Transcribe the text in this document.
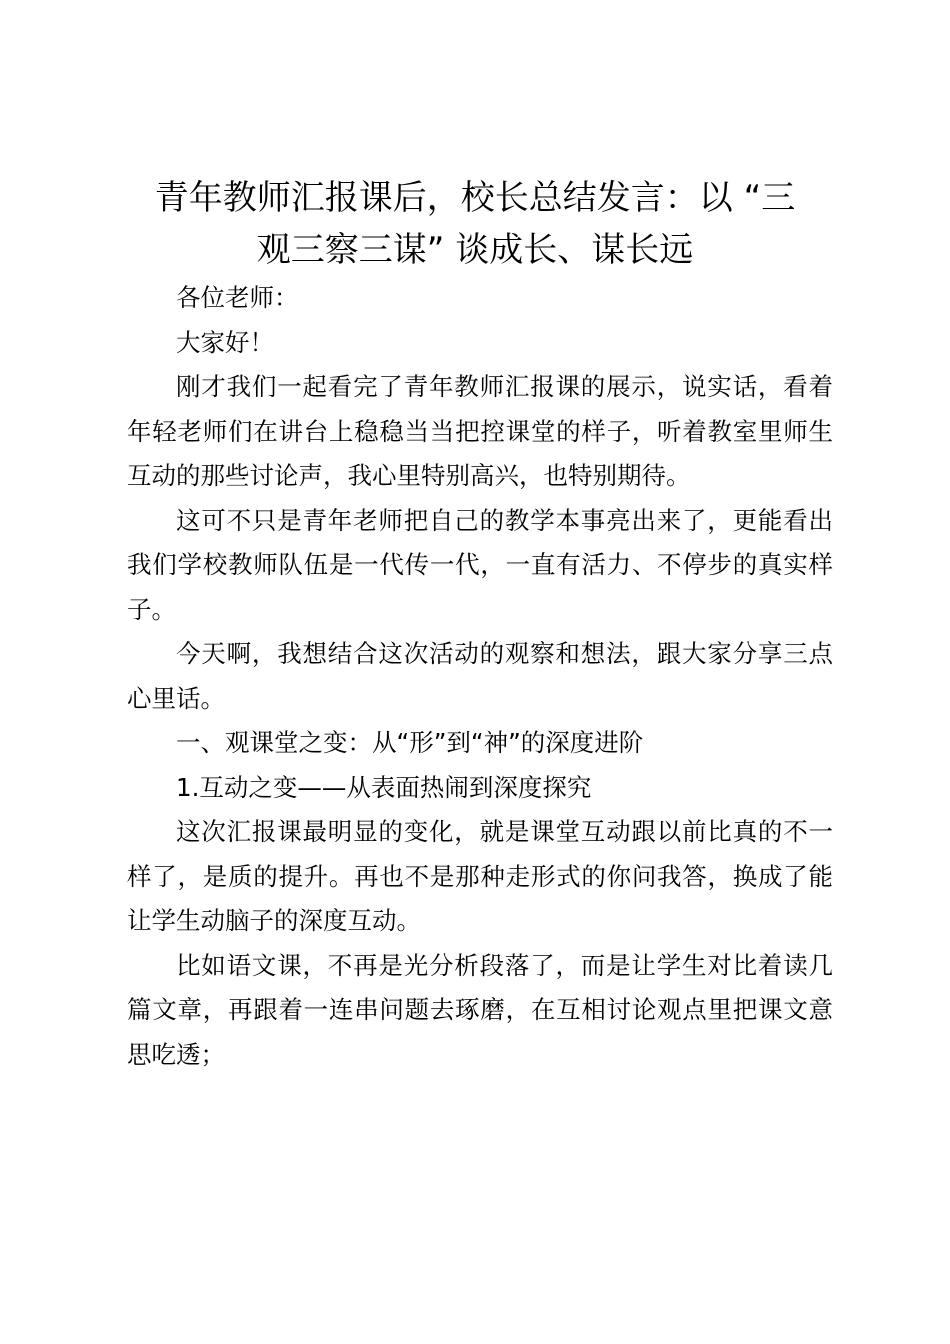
青年教师汇报课后，校长总结发言：以 “三
观三察三谋” 谈成长、谋长远

各位老师：

大家好！

刚才我们一起看完了青年教师汇报课的展示，说实话，看着年轻老师们在讲台上稳稳当当把控课堂的样子，听着教室里师生互动的那些讨论声，我心里特别高兴，也特别期待。

这可不只是青年老师把自己的教学本事亮出来了，更能看出我们学校教师队伍是一代传一代，一直有活力、不停步的真实样子。

今天啊，我想结合这次活动的观察和想法，跟大家分享三点心里话。

一、观课堂之变：从“形”到“神”的深度进阶

1.互动之变——从表面热闹到深度探究

这次汇报课最明显的变化，就是课堂互动跟以前比真的不一样了，是质的提升。再也不是那种走形式的你问我答，换成了能让学生动脑子的深度互动。

比如语文课，不再是光分析段落了，而是让学生对比着读几篇文章，再跟着一连串问题去琢磨，在互相讨论观点里把课文意思吃透；
